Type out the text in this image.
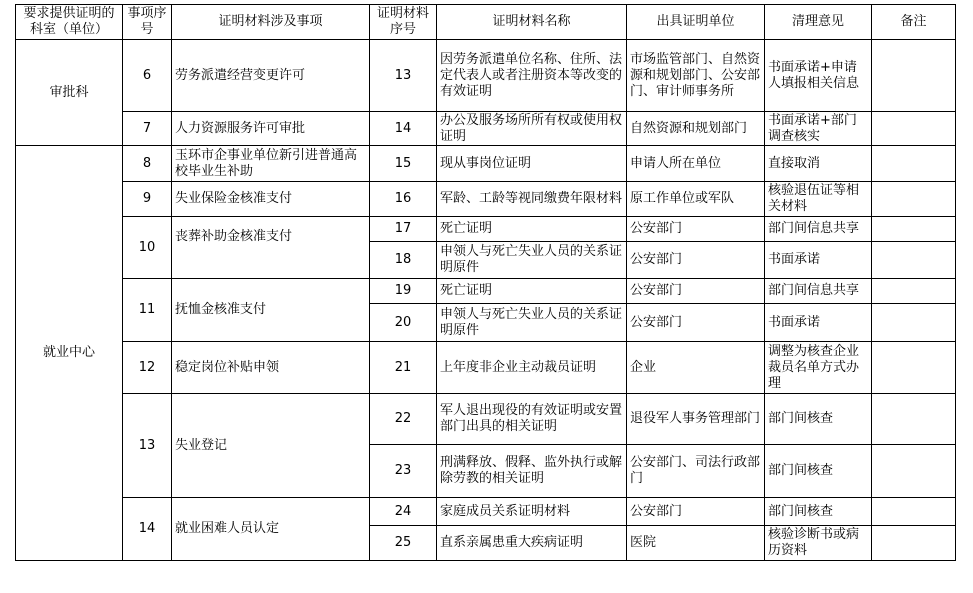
要求提供证明的科室（单位）	事项序号	证明材料涉及事项	证明材料序号	证明材料名称	出具证明单位	清理意见	备注
审批科	6	劳务派遣经营变更许可	13	因劳务派遣单位名称、住所、法定代表人或者注册资本等改变的有效证明	市场监管部门、自然资源和规划部门、公安部门、审计师事务所	书面承诺+申请人填报相关信息	
	7	人力资源服务许可审批	14	办公及服务场所所有权或使用权证明	自然资源和规划部门	书面承诺+部门调查核实	
就业中心	8	玉环市企事业单位新引进普通高校毕业生补助	15	现从事岗位证明	申请人所在单位	直接取消	
	9	失业保险金核准支付	16	军龄、工龄等视同缴费年限材料	原工作单位或军队	核验退伍证等相关材料	
	10	丧葬补助金核准支付	17	死亡证明	公安部门	部门间信息共享	
			18	申领人与死亡失业人员的关系证明原件	公安部门	书面承诺	
	11	抚恤金核准支付	19	死亡证明	公安部门	部门间信息共享	
			20	申领人与死亡失业人员的关系证明原件	公安部门	书面承诺	
	12	稳定岗位补贴申领	21	上年度非企业主动裁员证明	企业	调整为核查企业裁员名单方式办理	
	13	失业登记	22	军人退出现役的有效证明或安置部门出具的相关证明	退役军人事务管理部门	部门间核查	
			23	刑满释放、假释、监外执行或解除劳教的相关证明	公安部门、司法行政部门	部门间核查	
	14	就业困难人员认定	24	家庭成员关系证明材料	公安部门	部门间核查	
			25	直系亲属患重大疾病证明	医院	核验诊断书或病历资料	
